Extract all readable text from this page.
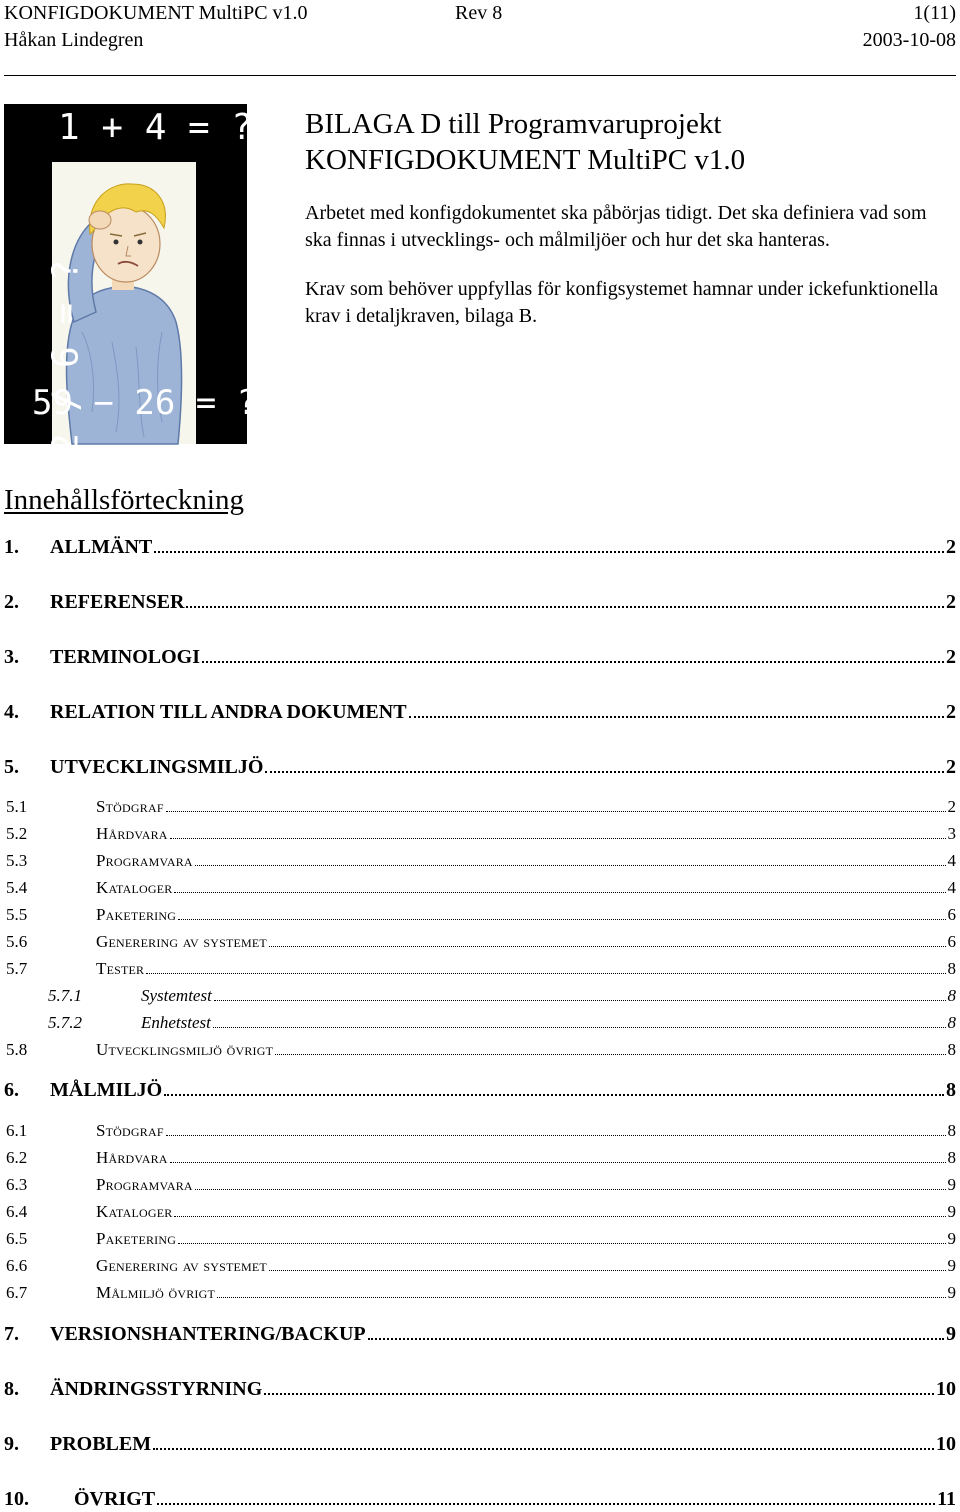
KONFIGDOKUMENT MultiPC v1.0	Rev 8	1(11)
Håkan Lindegren	2003-10-08
1 + 4 = ?
42 / 6 = ?	2 = 5 · 9
59 − 26 = ?
BILAGA D till Programvaruprojekt
KONFIGDOKUMENT MultiPC v1.0
Arbetet med konfigdokumentet ska påbörjas tidigt. Det ska definiera vad som ska finnas i utvecklings- och målmiljöer och hur det ska hanteras.
Krav som behöver uppfyllas för konfigsystemet hamnar under ickefunktionella krav i detaljkraven, bilaga B.
Innehållsförteckning
1.	ALLMÄNT	2
2.	REFERENSER	2
3.	TERMINOLOGI	2
4.	RELATION TILL ANDRA DOKUMENT	2
5.	UTVECKLINGSMILJÖ	2
5.1	Stödgraf	2
5.2	Hårdvara	3
5.3	Programvara	4
5.4	Kataloger	4
5.5	Paketering	6
5.6	Generering av systemet	6
5.7	Tester	8
5.7.1	Systemtest	8
5.7.2	Enhetstest	8
5.8	Utvecklingsmiljö övrigt	8
6.	MÅLMILJÖ	8
6.1	Stödgraf	8
6.2	Hårdvara	8
6.3	Programvara	9
6.4	Kataloger	9
6.5	Paketering	9
6.6	Generering av systemet	9
6.7	Målmiljö övrigt	9
7.	VERSIONSHANTERING/BACKUP	9
8.	ÄNDRINGSSTYRNING	10
9.	PROBLEM	10
10.	ÖVRIGT	11
